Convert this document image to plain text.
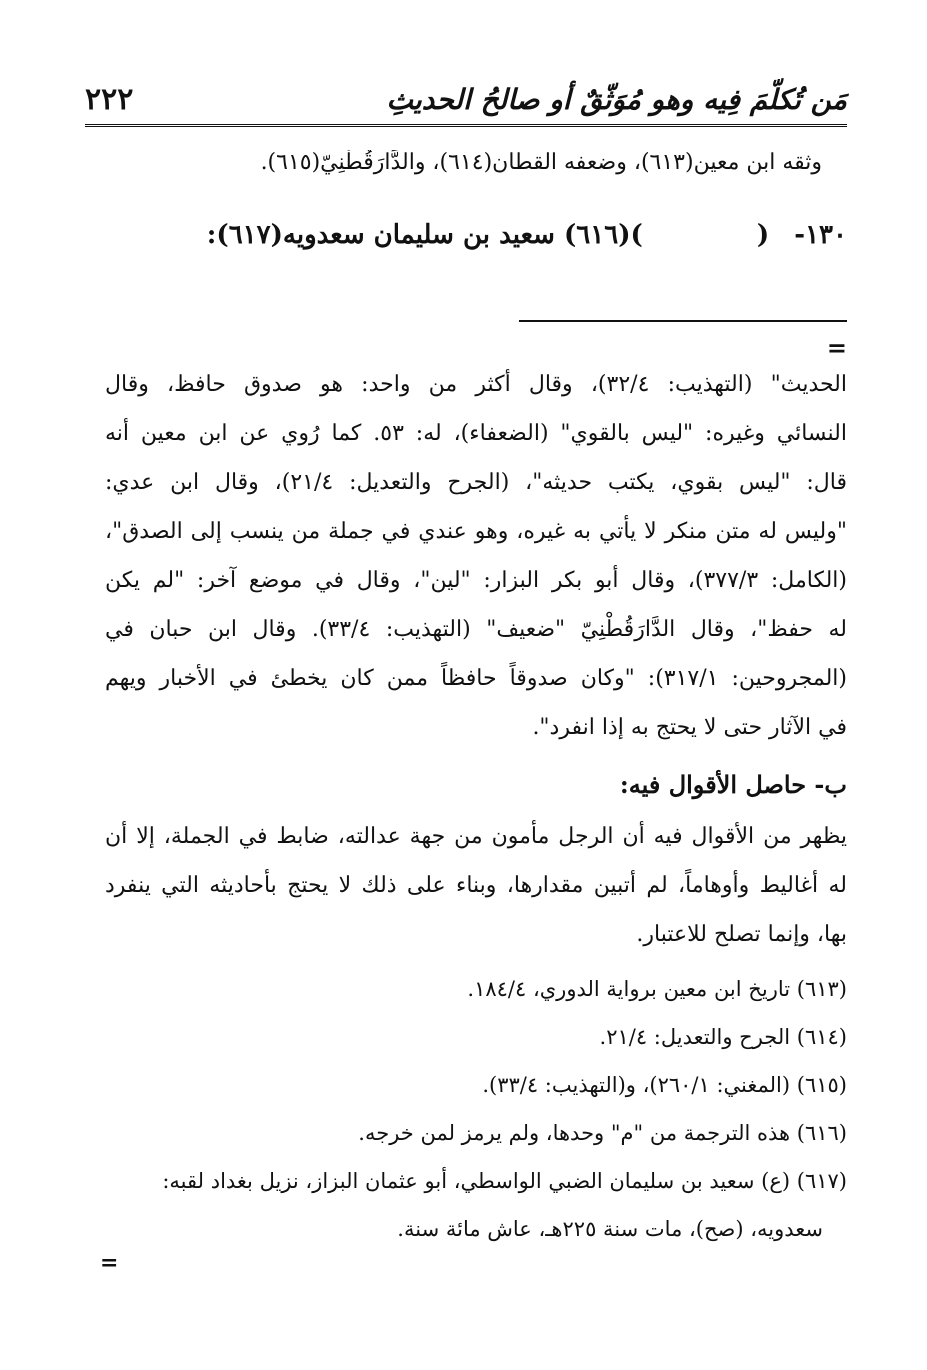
مَن تُكلّمَ فِيه وهو مُوَثّقٌ أو صالحُ الحديثِ
٢٢٢
وثقه ابن معين(٦١٣)، وضعفه القطان(٦١٤)، والدَّارَقُطْنِيّ(٦١٥).
١٣٠- (  )(٦١٦) سعيد بن سليمان سعدويه(٦١٧):
=
الحديث" (التهذيب: ٣٢/٤)، وقال أكثر من واحد: هو صدوق حافظ، وقال
النسائي وغيره: "ليس بالقوي" (الضعفاء)، له: ٥٣. كما رُوي عن ابن معين أنه
قال: "ليس بقوي، يكتب حديثه"، (الجرح والتعديل: ٢١/٤)، وقال ابن عدي:
"وليس له متن منكر لا يأتي به غيره، وهو عندي في جملة من ينسب إلى الصدق"،
(الكامل: ٣٧٧/٣)، وقال أبو بكر البزار: "لين"، وقال في موضع آخر: "لم يكن
له حفظ"، وقال الدَّارَقُطْنِيّ "ضعيف" (التهذيب: ٣٣/٤). وقال ابن حبان في
(المجروحين: ٣١٧/١): "وكان صدوقاً حافظاً ممن كان يخطئ في الأخبار ويهم
في الآثار حتى لا يحتج به إذا انفرد".
ب- حاصل الأقوال فيه:
يظهر من الأقوال فيه أن الرجل مأمون من جهة عدالته، ضابط في الجملة، إلا أن
له أغاليط وأوهاماً، لم أتبين مقدارها، وبناء على ذلك لا يحتج بأحاديثه التي ينفرد
بها، وإنما تصلح للاعتبار.
(٦١٣) تاريخ ابن معين برواية الدوري، ١٨٤/٤.
(٦١٤) الجرح والتعديل: ٢١/٤.
(٦١٥) (المغني: ٢٦٠/١)، و(التهذيب: ٣٣/٤).
(٦١٦) هذه الترجمة من "م" وحدها، ولم يرمز لمن خرجه.
(٦١٧) (ع) سعيد بن سليمان الضبي الواسطي، أبو عثمان البزاز، نزيل بغداد لقبه:
سعدويه، (صح)، مات سنة ٢٢٥هـ، عاش مائة سنة.
=
